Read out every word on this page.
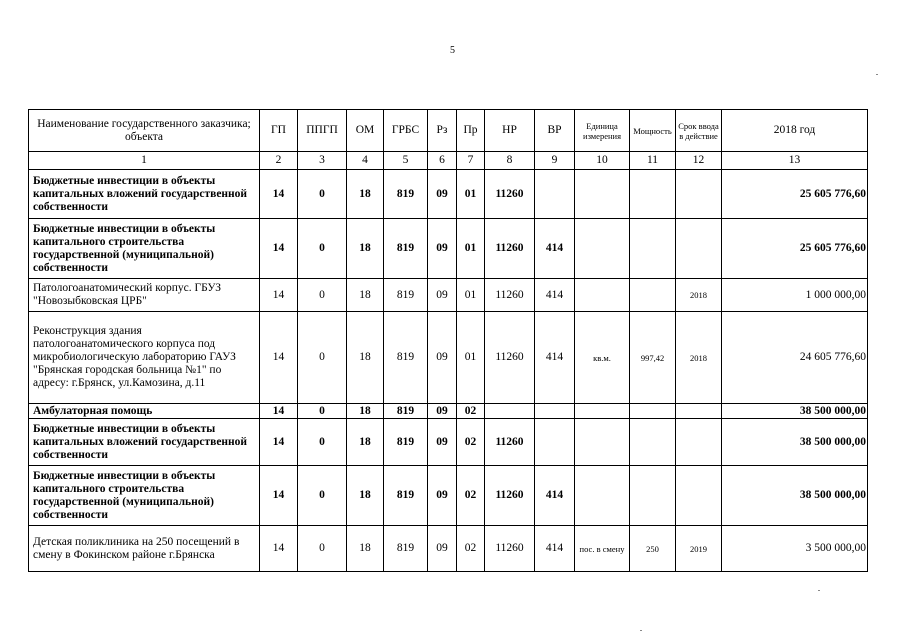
5
Наименование государственного заказчика; объекта	ГП	ППГП	ОМ	ГРБС	Рз	Пр	НР	ВР	Единица измерения	Мощность	Срок ввода в действие	2018 год
1	2	3	4	5	6	7	8	9	10	11	12	13
Бюджетные инвестиции в объекты капитальных вложений государственной собственности	14	0	18	819	09	01	11260					25 605 776,60
Бюджетные инвестиции в объекты капитального строительства государственной (муниципальной) собственности	14	0	18	819	09	01	11260	414				25 605 776,60
Патологоанатомический корпус. ГБУЗ "Новозыбковская ЦРБ"	14	0	18	819	09	01	11260	414			2018	1 000 000,00
Реконструкция здания патологоанатомического корпуса под микробиологическую лабораторию ГАУЗ "Брянская городская больница №1" по адресу: г.Брянск, ул.Камозина, д.11	14	0	18	819	09	01	11260	414	кв.м.	997,42	2018	24 605 776,60
Амбулаторная помощь	14	0	18	819	09	02						38 500 000,00
Бюджетные инвестиции в объекты капитальных вложений государственной собственности	14	0	18	819	09	02	11260					38 500 000,00
Бюджетные инвестиции в объекты капитального строительства государственной (муниципальной) собственности	14	0	18	819	09	02	11260	414				38 500 000,00
Детская поликлиника на 250 посещений в смену в Фокинском районе г.Брянска	14	0	18	819	09	02	11260	414	пос. в смену	250	2019	3 500 000,00
